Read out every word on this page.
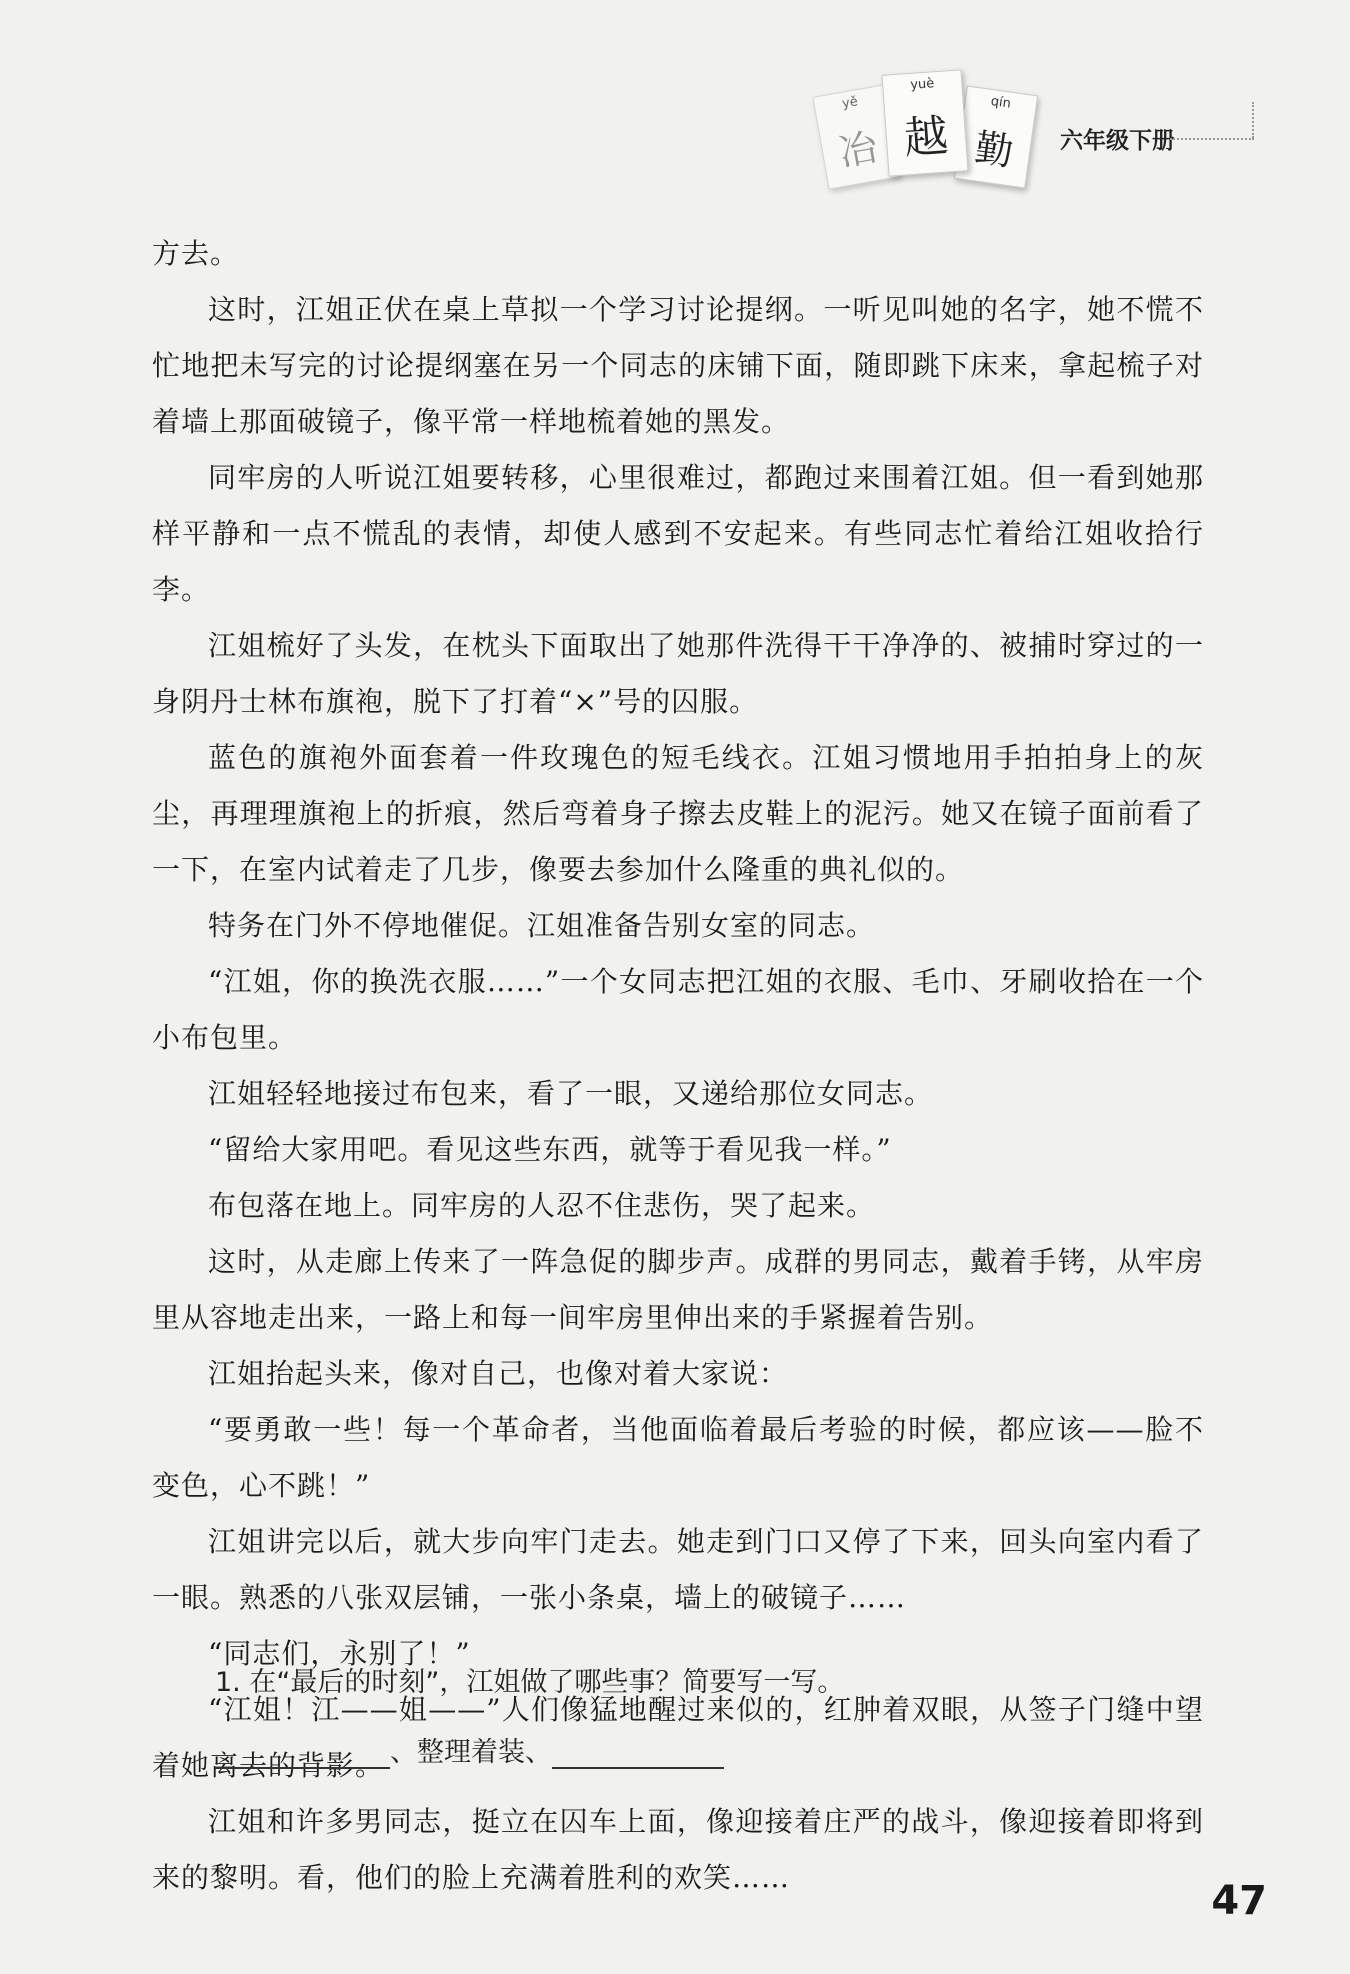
yě
冶
yuè
越
qín
勤	六年级下册

方去。

这时，江姐正伏在桌上草拟一个学习讨论提纲。一听见叫她的名字，她不慌不忙地把未写完的讨论提纲塞在另一个同志的床铺下面，随即跳下床来，拿起梳子对着墙上那面破镜子，像平常一样地梳着她的黑发。

同牢房的人听说江姐要转移，心里很难过，都跑过来围着江姐。但一看到她那样平静和一点不慌乱的表情，却使人感到不安起来。有些同志忙着给江姐收拾行李。

江姐梳好了头发，在枕头下面取出了她那件洗得干干净净的、被捕时穿过的一身阴丹士林布旗袍，脱下了打着“×”号的囚服。

蓝色的旗袍外面套着一件玫瑰色的短毛线衣。江姐习惯地用手拍拍身上的灰尘，再理理旗袍上的折痕，然后弯着身子擦去皮鞋上的泥污。她又在镜子面前看了一下，在室内试着走了几步，像要去参加什么隆重的典礼似的。

特务在门外不停地催促。江姐准备告别女室的同志。

“江姐，你的换洗衣服……”一个女同志把江姐的衣服、毛巾、牙刷收拾在一个小布包里。

江姐轻轻地接过布包来，看了一眼，又递给那位女同志。

“留给大家用吧。看见这些东西，就等于看见我一样。”

布包落在地上。同牢房的人忍不住悲伤，哭了起来。

这时，从走廊上传来了一阵急促的脚步声。成群的男同志，戴着手铐，从牢房里从容地走出来，一路上和每一间牢房里伸出来的手紧握着告别。

江姐抬起头来，像对自己，也像对着大家说：

“要勇敢一些！每一个革命者，当他面临着最后考验的时候，都应该——脸不变色，心不跳！”

江姐讲完以后，就大步向牢门走去。她走到门口又停了下来，回头向室内看了一眼。熟悉的八张双层铺，一张小条桌，墙上的破镜子……

“同志们，永别了！”

“江姐！江——姐——”人们像猛地醒过来似的，红肿着双眼，从签子门缝中望着她离去的背影。

江姐和许多男同志，挺立在囚车上面，像迎接着庄严的战斗，像迎接着即将到来的黎明。看，他们的脸上充满着胜利的欢笑……

1. 在“最后的时刻”，江姐做了哪些事？简要写一写。
、整理着装、
47
